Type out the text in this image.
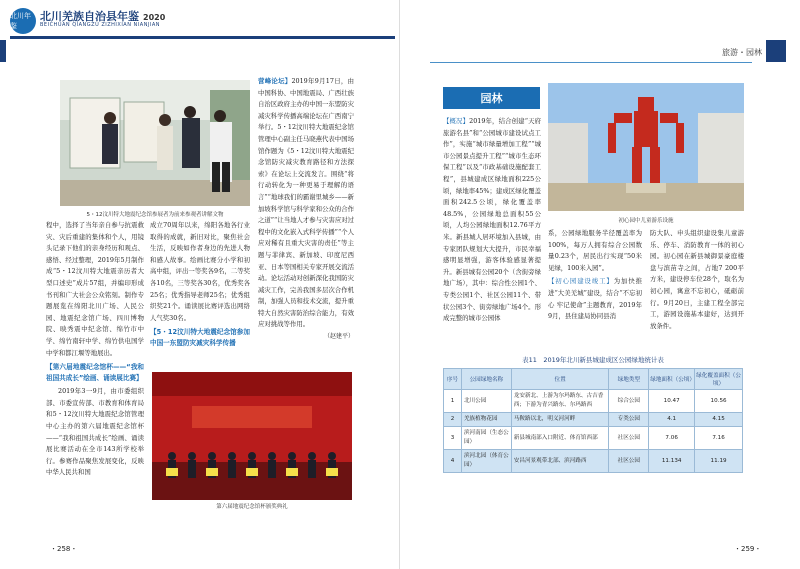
北川年鉴
北川羌族自治县年鉴 2020
BEICHUAN QIANGZU ZIZHIXIAN NIANJIAN
5・12汶川特大地震纪念馆参展者为前来参观者讲解文物

程中，选择了当年亲自参与抗震救灾、灾后重建的集体和个人，用镜头记录下他们的亲身经历和观点、感悟、经过整理，2019年5月制作成“5・12汶川特大地震亲历者大型口述史”成片57组，并编印形成书刊和广大社会公众铭刻。制作专题展览在绵阳北川广场、人民公园、地震纪念馆广场、四川博物院、映秀震中纪念馆、绵竹市中学、绵竹南轩中学、绵竹供电国学中学和都江堰等地展出。

【第六届地震纪念馆杯——“我和祖国共成长”绘画、诵读展比赛】

2019年3一9月，由市委组织部、市委宣传部、市教育和体育局和5・12汶川特大地震纪念馆管理中心主办的第六届地震纪念馆杯——“我和祖国共成长”绘画、诵读展比赛活动在全市143所学校举行。参赛作品聚焦发展变化，反映中华人民共和国

成立70周年以来，绵阳各地各行业取得的成就，新旧对比，聚焦社会生活，反映如作者身边的先进人物和感人故事。绘画比赛分小学和初高中组，评出一等奖各9名，二等奖各10名，三等奖各30名，优秀奖各25名；优秀指导老师25名；优秀组织奖21个。诵读展比赛评选出网络人气奖30名。

【5・12汶川特大地震纪念馆参加中国一东盟防灾减灾科学传播
第六届地震纪念馆杯颁奖典礼

营峰论坛】2019年9月17日，由中国科协、中国地震局、广西壮族自治区政府主办的中国一东盟防灾减灾科学传播高端论坛在广西南宁举行。5・12汶川特大地震纪念馆管理中心副主任马晓燕代表中国场馆作题为《5・12汶川特大地震纪念馆防灾减灾教育路径和方法探索》在论坛上交流发言。围绕“将行动转化为一种更易于理解的语言”“地球我们的霸谢里城乡——新加坡科学馆与科学家和公众的合作之道”“让当地人才参与灾害应对过程中的文化嵌入式科学传播”“个人应对稀有且重大灾害的责任”等主题与菲律宾、新加坡、印度尼西亚、日本等国相关专家开展交流活动。论坛活动对创新深化我国防灾减灾工作，完善我国多层次合作机制，加强人员和技术交流，提升重特大自然灾害防治综合能力，有效应对挑战等作用。

（赵建平）
・258・
旅游・园林
・259・
园林

【概况】2019年，结合创建“天府旅游名县”和“公园城市建设试点工作”，实施“城市绿量增加工程”“城市公园景点提升工程”“城市生态环保工程”以及“市政基础设施配套工程”，县城建成区绿地面积225公顷，绿地率45%；建成区绿化覆盖面积242.5公顷，绿化覆盖率48.5%，公园绿地总面积55公顷，人均公园绿地面积12.76平方米。新县城人居环境加入县城，由专家团队规划大大提升，市民幸福感明显增强，游客体验感显著提升。新县城有公园20个（含街旁绿地广场），其中：综合性公园1个、专类公园1个、社区公园11个、带状公园3个、街旁绿地广场4个。形成完整的城市公园体

初心园中儿童游乐设施

系，公园绿地服务半径覆盖率为100%，每万人拥有综合公园数量0.23个，居民出行实现“50米见绿，100米入园”。

【初心园建设竣工】为加快推进“大美羌城”建设，结合“不忘初心 牢记使命”主题教育，2019年9月，县住建局协同县消

防大队、申头组织建设集儿童游乐、停车、消防教育一体的初心园。初心园在新县城御景豪庭楼盘与滨苗寺之间，占地7 200平方米，建设停车位28个，取名为初心园，寓意不忘初心，砥砺前行。9月20日，主建工程全部完工，游园设施基本建好，达到开放条件。

表11　2019年北川新县城建成区公园绿地统计表
序号	公园绿地名称	位置	绿地类型	绿地面积（公顷）	绿化覆盖面积（公顷）
1	北川公园	龙安新北、上游为尔玛路东、古吉香西；下游为青兴路东、尔玛路西	综合公园	10.47	10.56
2	羌族植物花园	马鞍路以北，明义河河畔	专类公园	4.1	4.15
3	滨河南园（生态公园）	新县城南部入口附近、体育馆西部	社区公园	7.06	7.16
4	滨河北园（体育公园）	安昌河景观带北部、滨河路西	社区公园	11.134	11.19
